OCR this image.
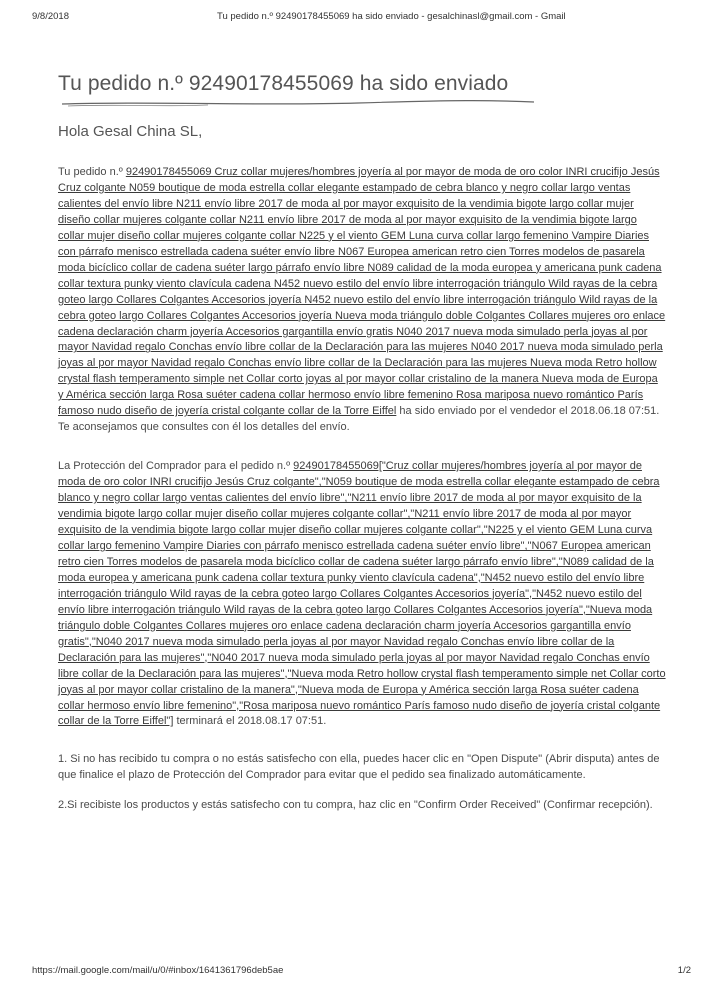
9/8/2018	Tu pedido n.º 92490178455069 ha sido enviado - gesalchinasl@gmail.com - Gmail
Tu pedido n.º 92490178455069 ha sido enviado

Hola Gesal China SL,

Tu pedido n.º 92490178455069 Cruz collar mujeres/hombres joyería al por mayor de moda de oro color INRI crucifijo Jesús Cruz colgante N059 boutique de moda estrella collar elegante estampado de cebra blanco y negro collar largo ventas calientes del envío libre N211 envío libre 2017 de moda al por mayor exquisito de la vendimia bigote largo collar mujer diseño collar mujeres colgante collar N211 envío libre 2017 de moda al por mayor exquisito de la vendimia bigote largo collar mujer diseño collar mujeres colgante collar N225 y el viento GEM Luna curva collar largo femenino Vampire Diaries con párrafo menisco estrellada cadena suéter envío libre N067 Europea american retro cien Torres modelos de pasarela moda bicíclico collar de cadena suéter largo párrafo envío libre N089 calidad de la moda europea y americana punk cadena collar textura punky viento clavícula cadena N452 nuevo estilo del envío libre interrogación triángulo Wild rayas de la cebra goteo largo Collares Colgantes Accesorios joyería N452 nuevo estilo del envío libre interrogación triángulo Wild rayas de la cebra goteo largo Collares Colgantes Accesorios joyería Nueva moda triángulo doble Colgantes Collares mujeres oro enlace cadena declaración charm joyería Accesorios gargantilla envío gratis N040 2017 nueva moda simulado perla joyas al por mayor Navidad regalo Conchas envío libre collar de la Declaración para las mujeres N040 2017 nueva moda simulado perla joyas al por mayor Navidad regalo Conchas envío libre collar de la Declaración para las mujeres Nueva moda Retro hollow crystal flash temperamento simple net Collar corto joyas al por mayor collar cristalino de la manera Nueva moda de Europa y América sección larga Rosa suéter cadena collar hermoso envío libre femenino Rosa mariposa nuevo romántico París famoso nudo diseño de joyería cristal colgante collar de la Torre Eiffel ha sido enviado por el vendedor el 2018.06.18 07:51. Te aconsejamos que consultes con él los detalles del envío.

La Protección del Comprador para el pedido n.º 92490178455069["Cruz collar mujeres/hombres joyería al por mayor de moda de oro color INRI crucifijo Jesús Cruz colgante","N059 boutique de moda estrella collar elegante estampado de cebra blanco y negro collar largo ventas calientes del envío libre","N211 envío libre 2017 de moda al por mayor exquisito de la vendimia bigote largo collar mujer diseño collar mujeres colgante collar","N211 envío libre 2017 de moda al por mayor exquisito de la vendimia bigote largo collar mujer diseño collar mujeres colgante collar","N225 y el viento GEM Luna curva collar largo femenino Vampire Diaries con párrafo menisco estrellada cadena suéter envío libre","N067 Europea american retro cien Torres modelos de pasarela moda bicíclico collar de cadena suéter largo párrafo envío libre","N089 calidad de la moda europea y americana punk cadena collar textura punky viento clavícula cadena","N452 nuevo estilo del envío libre interrogación triángulo Wild rayas de la cebra goteo largo Collares Colgantes Accesorios joyería","N452 nuevo estilo del envío libre interrogación triángulo Wild rayas de la cebra goteo largo Collares Colgantes Accesorios joyería","Nueva moda triángulo doble Colgantes Collares mujeres oro enlace cadena declaración charm joyería Accesorios gargantilla envío gratis","N040 2017 nueva moda simulado perla joyas al por mayor Navidad regalo Conchas envío libre collar de la Declaración para las mujeres","N040 2017 nueva moda simulado perla joyas al por mayor Navidad regalo Conchas envío libre collar de la Declaración para las mujeres","Nueva moda Retro hollow crystal flash temperamento simple net Collar corto joyas al por mayor collar cristalino de la manera","Nueva moda de Europa y América sección larga Rosa suéter cadena collar hermoso envío libre femenino","Rosa mariposa nuevo romántico París famoso nudo diseño de joyería cristal colgante collar de la Torre Eiffel"] terminará el 2018.08.17 07:51.

1. Si no has recibido tu compra o no estás satisfecho con ella, puedes hacer clic en "Open Dispute" (Abrir disputa) antes de que finalice el plazo de Protección del Comprador para evitar que el pedido sea finalizado automáticamente.

2.Si recibiste los productos y estás satisfecho con tu compra, haz clic en "Confirm Order Received" (Confirmar recepción).

https://mail.google.com/mail/u/0/#inbox/1641361796deb5ae	1/2
